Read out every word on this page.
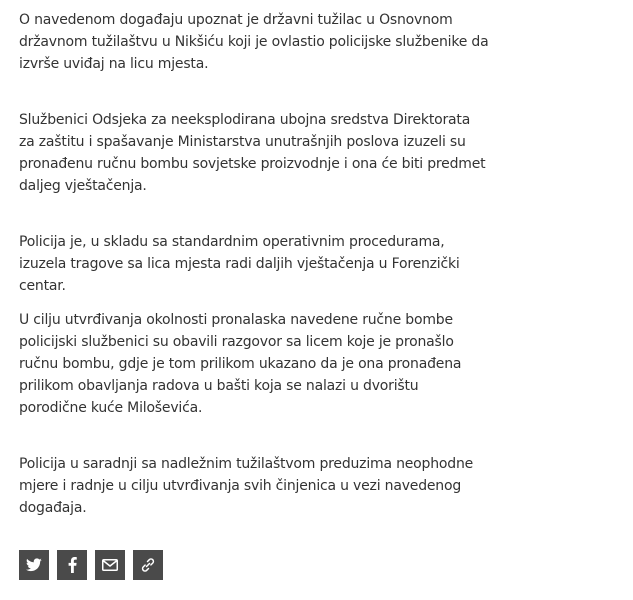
O navedenom događaju upoznat je državni tužilac u Osnovnom državnom tužilaštvu u Nikšiću koji je ovlastio policijske službenike da izvrše uviđaj na licu mjesta.

Službenici Odsjeka za neeksplodirana ubojna sredstva Direktorata za zaštitu i spašavanje Ministarstva unutrašnjih poslova izuzeli su pronađenu ručnu bombu sovjetske proizvodnje i ona će biti predmet daljeg vještačenja.

Policija je, u skladu sa standardnim operativnim procedurama, izuzela tragove sa lica mjesta radi daljih vještačenja u Forenzički centar.

U cilju utvrđivanja okolnosti pronalaska navedene ručne bombe policijski službenici su obavili razgovor sa licem koje je pronašlo ručnu bombu, gdje je tom prilikom ukazano da je ona pronađena prilikom obavljanja radova u bašti koja se nalazi u dvorištu porodične kuće Miloševića.

Policija u saradnji sa nadležnim tužilaštvom preduzima neophodne mjere i radnje u cilju utvrđivanja svih činjenica u vezi navedenog događaja.
